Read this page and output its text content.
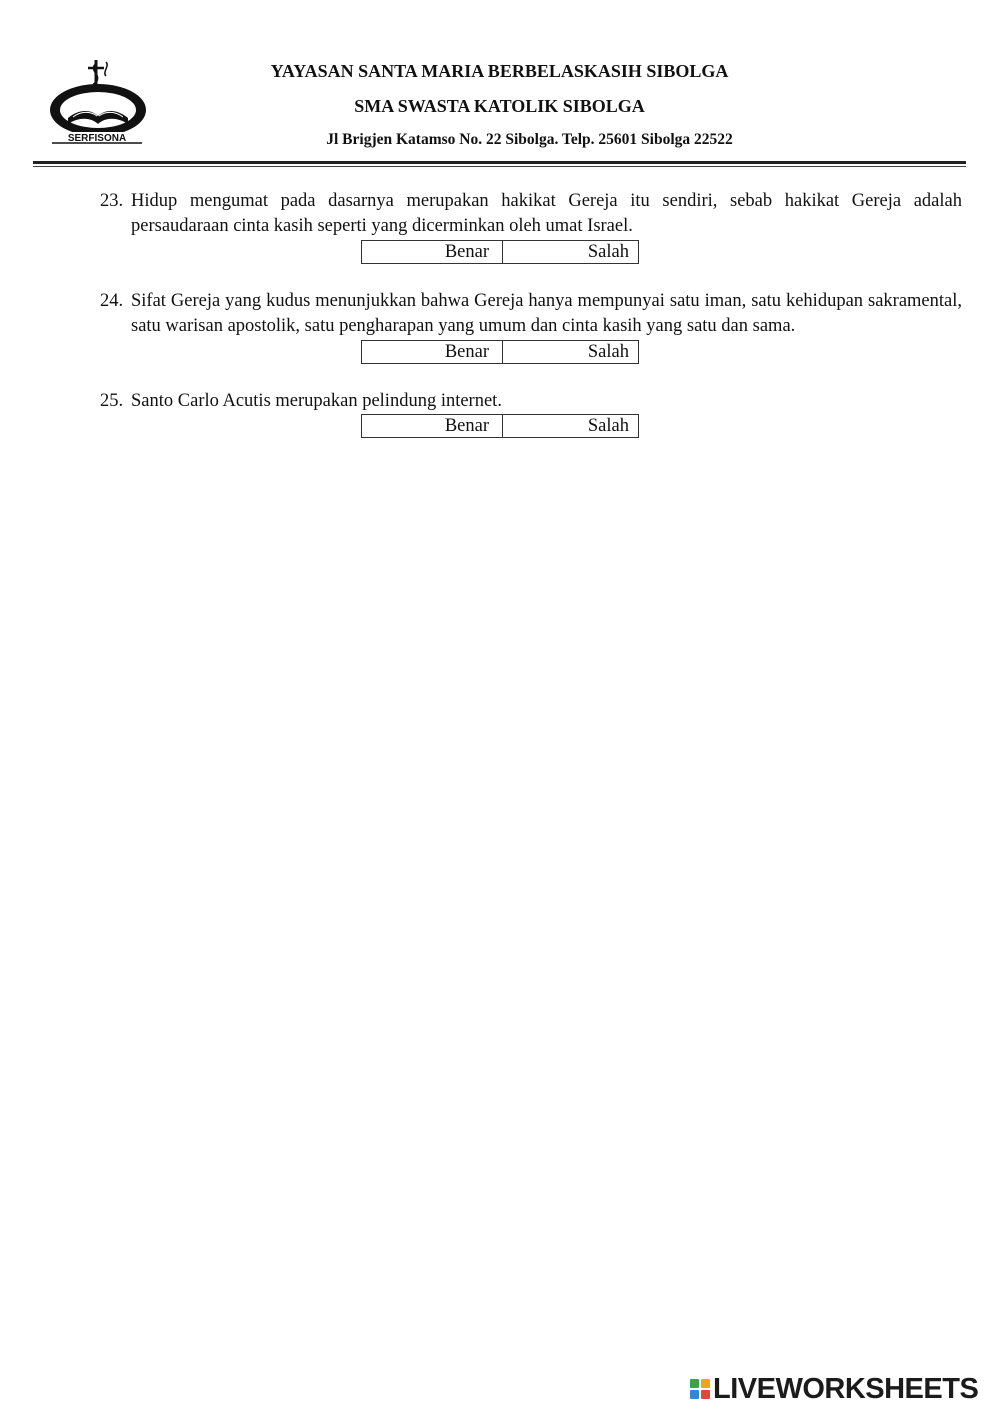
SERFISONA
YAYASAN SANTA MARIA BERBELASKASIH SIBOLGA
SMA SWASTA KATOLIK SIBOLGA
Jl Brigjen Katamso No. 22 Sibolga. Telp. 25601 Sibolga 22522
23. Hidup mengumat pada dasarnya merupakan hakikat Gereja itu sendiri, sebab hakikat Gereja adalah persaudaraan cinta kasih seperti yang dicerminkan oleh umat Israel.
Benar	Salah
24. Sifat Gereja yang kudus menunjukkan bahwa Gereja hanya mempunyai satu iman, satu kehidupan sakramental, satu warisan apostolik, satu pengharapan yang umum dan cinta kasih yang satu dan sama.
Benar	Salah
25. Santo Carlo Acutis merupakan pelindung internet.
Benar	Salah
LIVEWORKSHEETS
